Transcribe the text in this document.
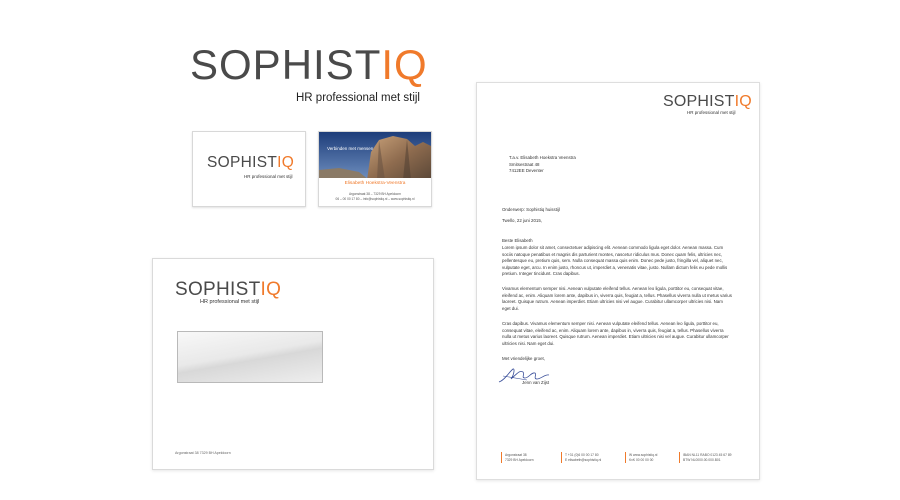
SOPHISTIQ
HR professional met stijl
SOPHISTIQ
HR professional met stijl
Verbinden met mensen
Elisabeth Hoekstra-Veenstra
Argonstraat 38 – 7329 BH Apeldoorn
06 – 00 00 17 80 – info@sophistiq.nl – www.sophistiq.nl
SOPHISTIQ
HR professional met stijl
Argonstraat 38 7329 BH Apeldoorn
SOPHISTIQ
HR professional met stijl
T.a.v. Elisabeth Hoekstra Veenstra
Smitsestraat 48
7412EE Deventer
Onderwerp: Sophistiq huisstijl
Twello, 22 juni 2015,
Beste Elisabeth
Lorem ipsum dolor sit amet, consectetuer adipiscing elit. Aenean commodo ligula eget dolor. Aenean massa. Cum sociis natoque penatibus et magnis dis parturient montes, nascetur ridiculus mus. Donec quam felis, ultricies nec, pellentesque eu, pretium quis, sem. Nulla consequat massa quis enim. Donec pede justo, fringilla vel, aliquet nec, vulputate eget, arcu. In enim justo, rhoncus ut, imperdiet a, venenatis vitae, justo. Nullam dictum felis eu pede mollis pretium. Integer tincidunt. Cras dapibus.
Vivamus elementum semper nisi. Aenean vulputate eleifend tellus. Aenean leo ligula, porttitor eu, consequat vitae, eleifend ac, enim. Aliquam lorem ante, dapibus in, viverra quis, feugiat a, tellus. Phasellus viverra nulla ut metus varius laoreet. Quisque rutrum. Aenean imperdiet. Etiam ultricies nisi vel augue. Curabitur ullamcorper ultricies nisi. Nam eget dui.
Cras dapibus. Vivamus elementum semper nisi. Aenean vulputate eleifend tellus. Aenean leo ligula, porttitor eu, consequat vitae, eleifend ac, enim. Aliquam lorem ante, dapibus in, viverra quis, feugiat a, tellus. Phasellus viverra nulla ut metus varius laoreet. Quisque rutrum. Aenean imperdiet. Etiam ultricies nisi vel augue. Curabitur ullamcorper ultricies nisi. Nam eget dui.
Met vriendelijke groet,
Jenn van Zijst
Argonstraat 38
7329 BH Apeldoorn
T +31 (0)6 00 00 17 80
E elisabeth@sophistiq.nl
W www.sophistiq.nl
KvK 00 00 00 00
IBAN NL11 RABO 0123 45 67 89
BTW NL0000.00.000.B01
